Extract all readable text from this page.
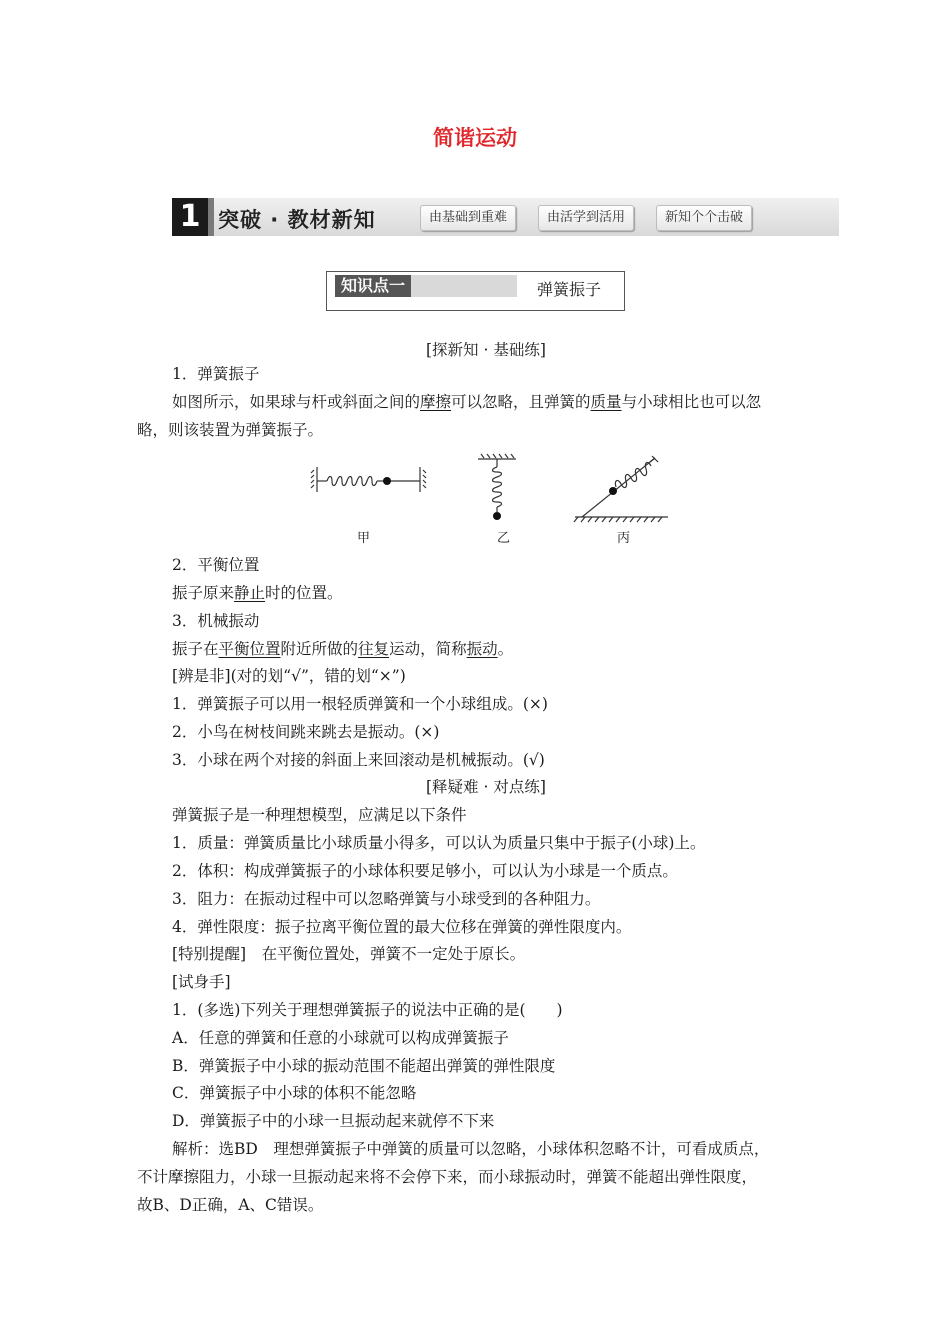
简谐运动
1 突破 · 教材新知	由基础到重难	由活学到活用	新知个个击破
知识点一	弹簧振子
[探新知 · 基础练]
1．弹簧振子
如图所示，如果球与杆或斜面之间的摩擦可以忽略，且弹簧的质量与小球相比也可以忽
略，则该装置为弹簧振子。
甲	乙	丙
2．平衡位置
振子原来静止时的位置。
3．机械振动
振子在平衡位置附近所做的往复运动，简称振动。
[辨是非](对的划“√”，错的划“×”)
1．弹簧振子可以用一根轻质弹簧和一个小球组成。(×)
2．小鸟在树枝间跳来跳去是振动。(×)
3．小球在两个对接的斜面上来回滚动是机械振动。(√)
[释疑难 · 对点练]
弹簧振子是一种理想模型，应满足以下条件
1．质量：弹簧质量比小球质量小得多，可以认为质量只集中于振子(小球)上。
2．体积：构成弹簧振子的小球体积要足够小，可以认为小球是一个质点。
3．阻力：在振动过程中可以忽略弹簧与小球受到的各种阻力。
4．弹性限度：振子拉离平衡位置的最大位移在弹簧的弹性限度内。
[特别提醒]　在平衡位置处，弹簧不一定处于原长。
[试身手]
1．(多选)下列关于理想弹簧振子的说法中正确的是(　　)
A．任意的弹簧和任意的小球就可以构成弹簧振子
B．弹簧振子中小球的振动范围不能超出弹簧的弹性限度
C．弹簧振子中小球的体积不能忽略
D．弹簧振子中的小球一旦振动起来就停不下来
解析：选BD　理想弹簧振子中弹簧的质量可以忽略，小球体积忽略不计，可看成质点，
不计摩擦阻力，小球一旦振动起来将不会停下来，而小球振动时，弹簧不能超出弹性限度，
故B、D正确，A、C错误。
